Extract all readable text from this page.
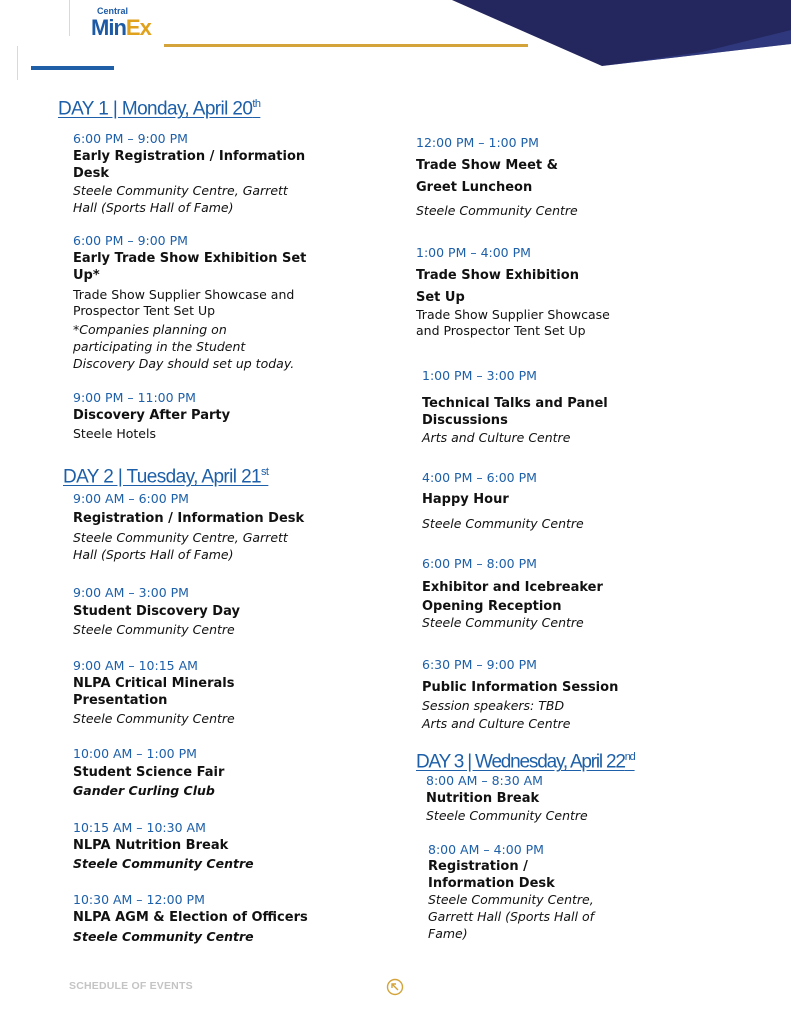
Central
MinEx
DAY 1 | Monday, April 20th
6:00 PM – 9:00 PM
Early Registration / Information Desk
Steele Community Centre, Garrett Hall (Sports Hall of Fame)
6:00 PM – 9:00 PM
Early Trade Show Exhibition Set Up*
Trade Show Supplier Showcase and Prospector Tent Set Up
*Companies planning on participating in the Student Discovery Day should set up today.
9:00 PM – 11:00 PM
Discovery After Party
Steele Hotels
DAY 2 | Tuesday, April 21st
9:00 AM – 6:00 PM
Registration / Information Desk
Steele Community Centre, Garrett Hall (Sports Hall of Fame)
9:00 AM – 3:00 PM
Student Discovery Day
Steele Community Centre
9:00 AM – 10:15 AM
NLPA Critical Minerals Presentation
Steele Community Centre
10:00 AM – 1:00 PM
Student Science Fair
Gander Curling Club
10:15 AM – 10:30 AM
NLPA Nutrition Break
Steele Community Centre
10:30 AM – 12:00 PM
NLPA AGM & Election of Officers
Steele Community Centre
12:00 PM – 1:00 PM
Trade Show Meet & Greet Luncheon
Steele Community Centre
1:00 PM – 4:00 PM
Trade Show Exhibition Set Up
Trade Show Supplier Showcase and Prospector Tent Set Up
1:00 PM – 3:00 PM
Technical Talks and Panel Discussions
Arts and Culture Centre
4:00 PM – 6:00 PM
Happy Hour
Steele Community Centre
6:00 PM – 8:00 PM
Exhibitor and Icebreaker Opening Reception
Steele Community Centre
6:30 PM – 9:00 PM
Public Information Session
Session speakers: TBD
Arts and Culture Centre
DAY 3 | Wednesday, April 22nd
8:00 AM – 8:30 AM
Nutrition Break
Steele Community Centre
8:00 AM – 4:00 PM
Registration / Information Desk
Steele Community Centre, Garrett Hall (Sports Hall of Fame)
SCHEDULE OF EVENTS
